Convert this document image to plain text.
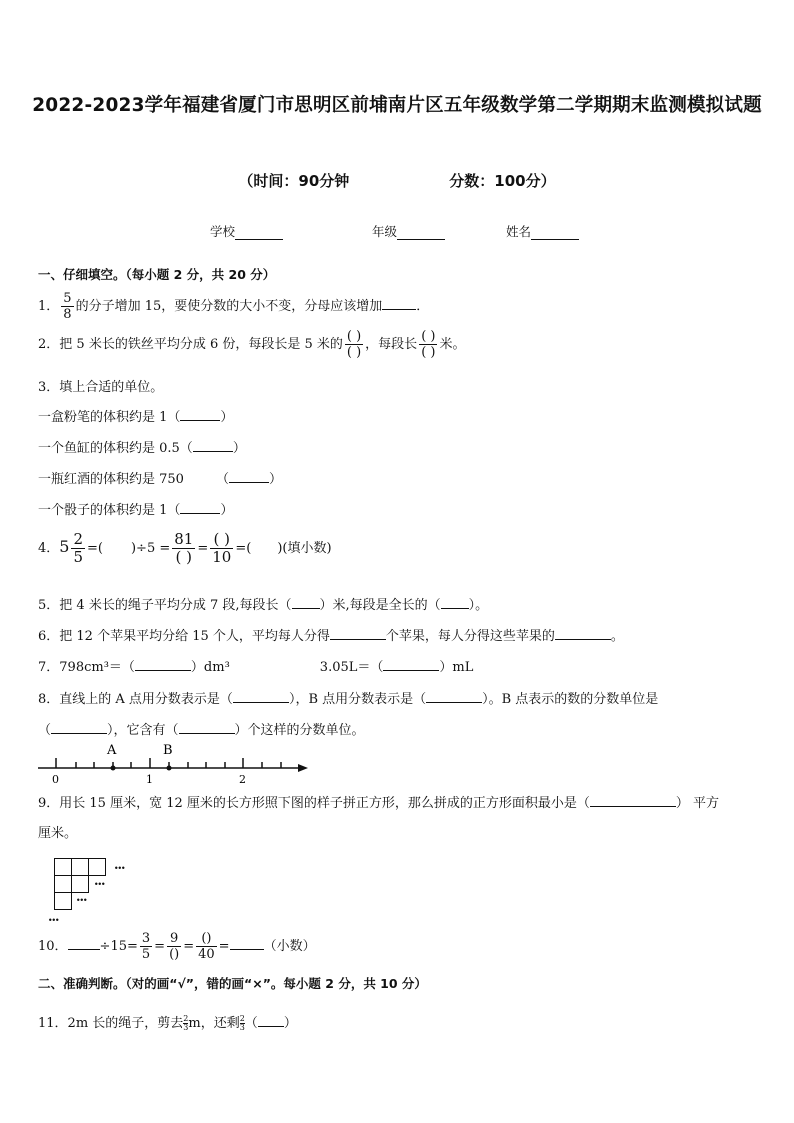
2022-2023学年福建省厦门市思明区前埔南片区五年级数学第二学期期末监测模拟试题
（时间：90分钟	分数：100分）
学校	年级	姓名
一、仔细填空。（每小题 2 分，共 20 分）
1． $\frac{5}{8}$ 的分子增加 15，要使分数的大小不变，分母应该增加	．
2．把 5 米长的铁丝平均分成 6 份，每段长是 5 米的 $\frac{( )}{( )}$ ，每段长 $\frac{( )}{( )}$ 米。
3．填上合适的单位。
一盒粉笔的体积约是 1（	）
一个鱼缸的体积约是 0.5（	）
一瓶红酒的体积约是 750 （	）
一个骰子的体积约是 1（	）
4．$5 \frac{2}{5}$ =( )$\div 5 = \frac{81}{( )} = \frac{( )}{10}$ =( )(填小数)
5．把 4 米长的绳子平均分成 7 段,每段长（ ）米,每段是全长的（ ）。
6．把 12 个苹果平均分给 15 个人，平均每人分得	个苹果，每人分得这些苹果的	。
7．798cm³＝（	）dm³	3.05L＝（	）mL
8．直线上的 A 点用分数表示是（	），B 点用分数表示是（	）。B 点表示的数的分数单位是
（	），它含有（	）个这样的分数单位。
A	B
0	1	2
9．用长 15 厘米，宽 12 厘米的长方形照下图的样子拼正方形，那么拼成的正方形面积最小是（	） 平方
厘米。
...
...
...
...
10． $\div 15= \frac{3}{5} = \frac{9}{()} = \frac{()}{40}$ =	（小数）
二、准确判断。（对的画“√”，错的画“×”。每小题 2 分，共 10 分）
11．2m 长的绳子，剪去 $\frac{2}{3}$ m，还剩 $\frac{2}{3}$ （ ）
